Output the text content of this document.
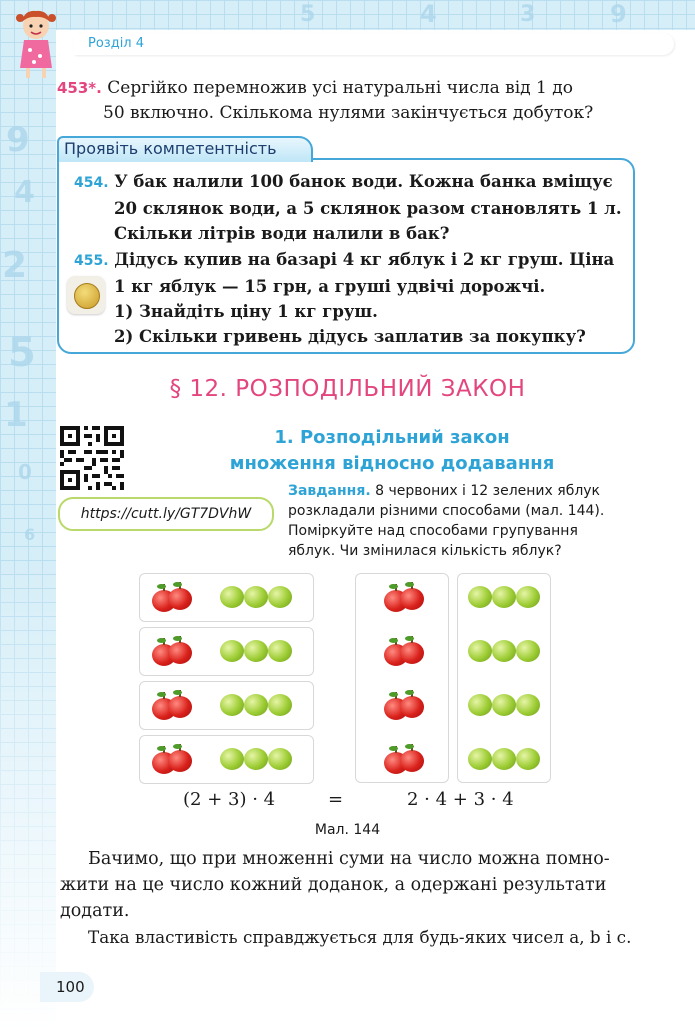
9
4
2
5
1
0
6
5	4	3	9
Розділ 4
453*. Сергійко перемножив усі натуральні числа від 1 до
50 включно. Скількома нулями закінчується добуток?
Проявіть компетентність
454. У бак налили 100 банок води. Кожна банка вміщує
20 склянок води, а 5 склянок разом становлять 1 л.
Скільки літрів води налили в бак?
455. Дідусь купив на базарі 4 кг яблук і 2 кг груш. Ціна
1 кг яблук — 15 грн, а груші удвічі дорожчі.
1) Знайдіть ціну 1 кг груш.
2) Скільки гривень дідусь заплатив за покупку?
§ 12. РОЗПОДІЛЬНИЙ ЗАКОН
https://cutt.ly/GT7DVhW
1. Розподільний закон
множення відносно додавання
Завдання. 8 червоних і 12 зелених яблук
розкладали різними способами (мал. 144).
Поміркуйте над способами групування
яблук. Чи змінилася кількість яблук?
(2 + 3) · 4	=	2 · 4 + 3 · 4
Мал. 144
Бачимо, що при множенні суми на число можна помно-
жити на це число кожний доданок, а одержані результати
додати.
Така властивість справджується для будь-яких чисел a, b і c.
100
